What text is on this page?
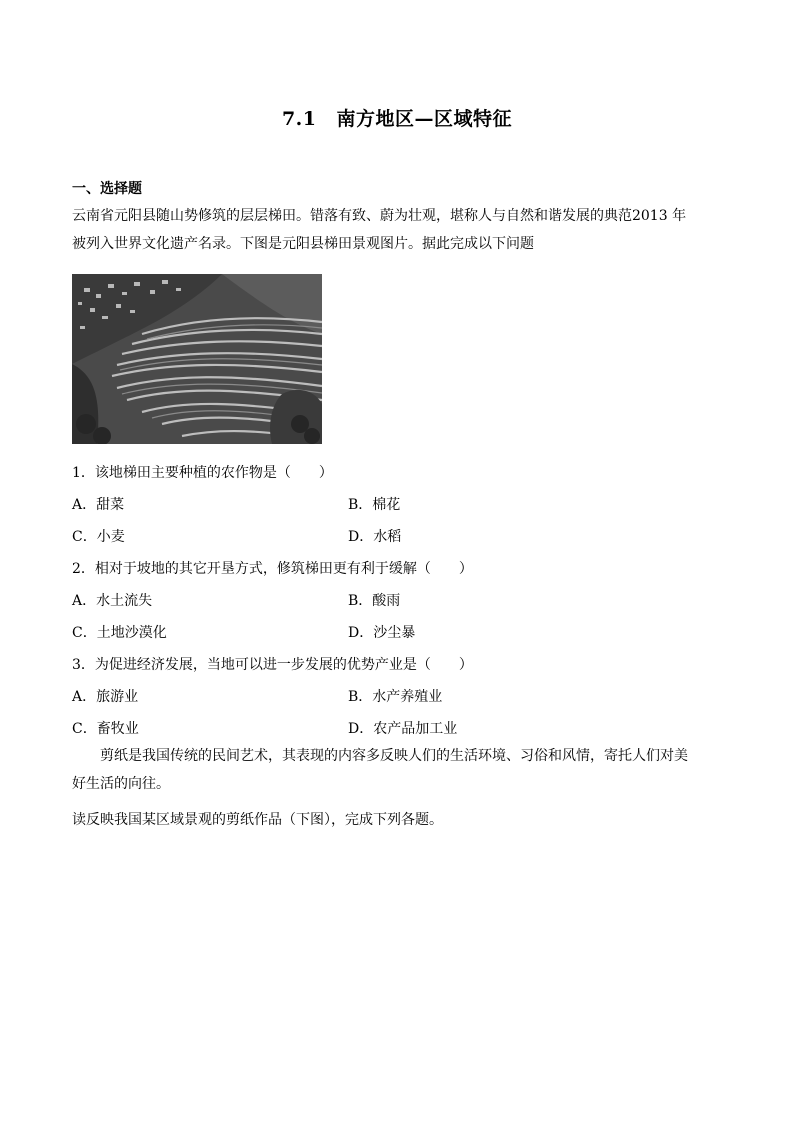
7.1 南方地区—区域特征
一、选择题
云南省元阳县随山势修筑的层层梯田。错落有致、蔚为壮观，堪称人与自然和谐发展的典范2013 年
被列入世界文化遗产名录。下图是元阳县梯田景观图片。据此完成以下问题
1．该地梯田主要种植的农作物是（　　）
A．甜菜	B．棉花
C．小麦	D．水稻
2．相对于坡地的其它开垦方式，修筑梯田更有利于缓解（　　）
A．水土流失	B．酸雨
C．土地沙漠化	D．沙尘暴
3．为促进经济发展，当地可以进一步发展的优势产业是（　　）
A．旅游业	B．水产养殖业
C．畜牧业	D．农产品加工业
剪纸是我国传统的民间艺术，其表现的内容多反映人们的生活环境、习俗和风情，寄托人们对美
好生活的向往。
读反映我国某区域景观的剪纸作品（下图），完成下列各题。
